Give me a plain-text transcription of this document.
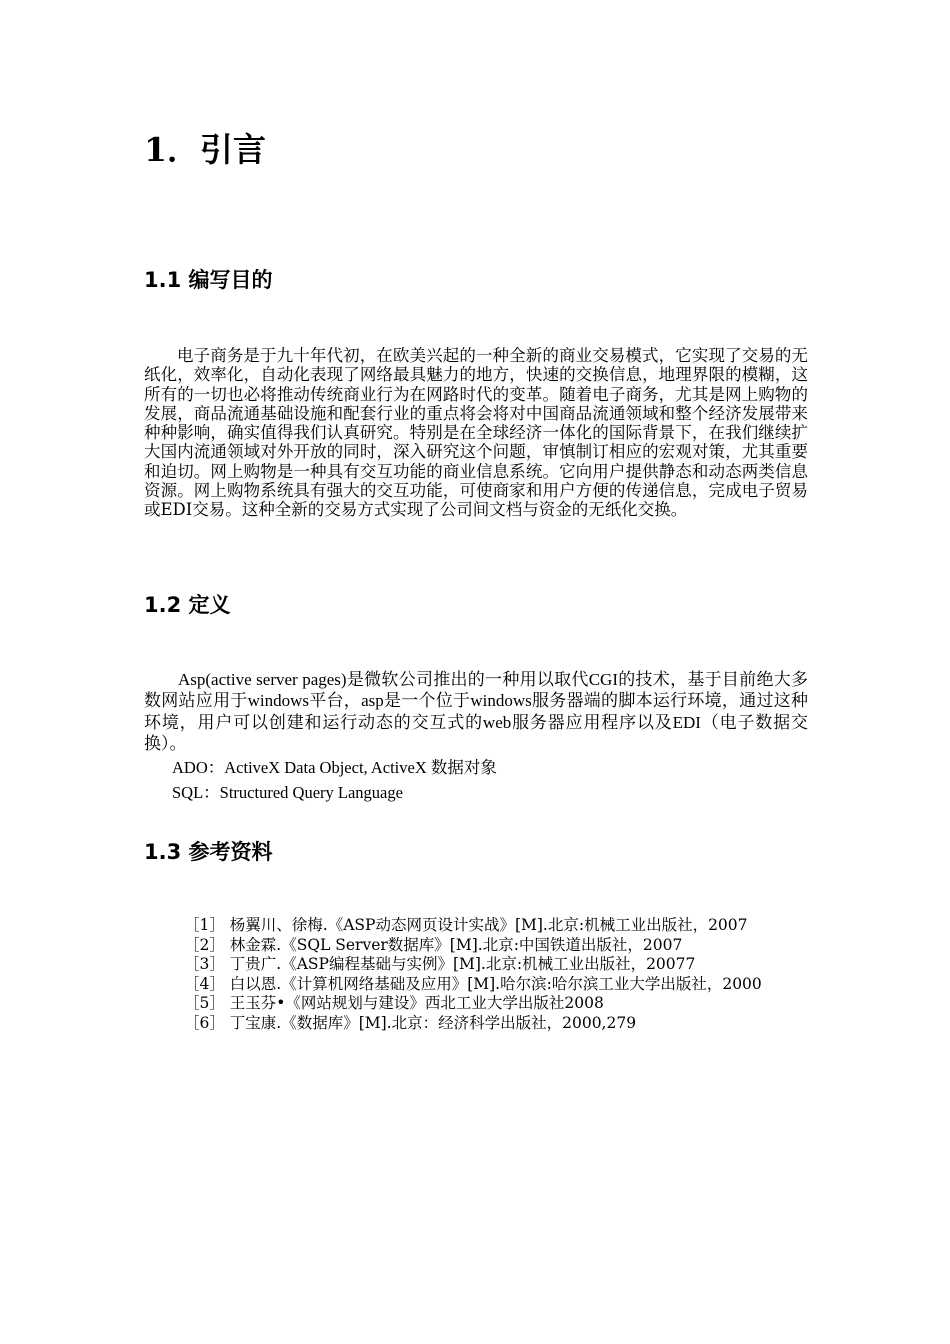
1．引言
1.1 编写目的

电子商务是于九十年代初，在欧美兴起的一种全新的商业交易模式，它实现了交易的无纸化，效率化，自动化表现了网络最具魅力的地方，快速的交换信息，地理界限的模糊，这所有的一切也必将推动传统商业行为在网路时代的变革。随着电子商务，尤其是网上购物的发展，商品流通基础设施和配套行业的重点将会将对中国商品流通领域和整个经济发展带来种种影响，确实值得我们认真研究。特别是在全球经济一体化的国际背景下，在我们继续扩大国内流通领域对外开放的同时，深入研究这个问题，审慎制订相应的宏观对策，尤其重要和迫切。网上购物是一种具有交互功能的商业信息系统。它向用户提供静态和动态两类信息资源。网上购物系统具有强大的交互功能，可使商家和用户方便的传递信息，完成电子贸易或EDI交易。这种全新的交易方式实现了公司间文档与资金的无纸化交换。

1.2 定义

Asp(active server pages)是微软公司推出的一种用以取代CGI的技术，基于目前绝大多数网站应用于windows平台，asp是一个位于windows服务器端的脚本运行环境，通过这种环境，用户可以创建和运行动态的交互式的web服务器应用程序以及EDI（电子数据交换）。

ADO：ActiveX Data Object, ActiveX 数据对象

SQL：Structured Query Language

1.3 参考资料
［1］ 杨翼川、徐梅.《ASP动态网页设计实战》[M].北京:机械工业出版社，2007
［2］ 林金霖.《SQL Server数据库》[M].北京:中国铁道出版社，2007
［3］ 丁贵广.《ASP编程基础与实例》[M].北京:机械工业出版社，20077
［4］ 白以恩.《计算机网络基础及应用》[M].哈尔滨:哈尔滨工业大学出版社，2000
［5］ 王玉芬•《网站规划与建设》西北工业大学出版社2008
［6］ 丁宝康.《数据库》[M].北京：经济科学出版社，2000,279
